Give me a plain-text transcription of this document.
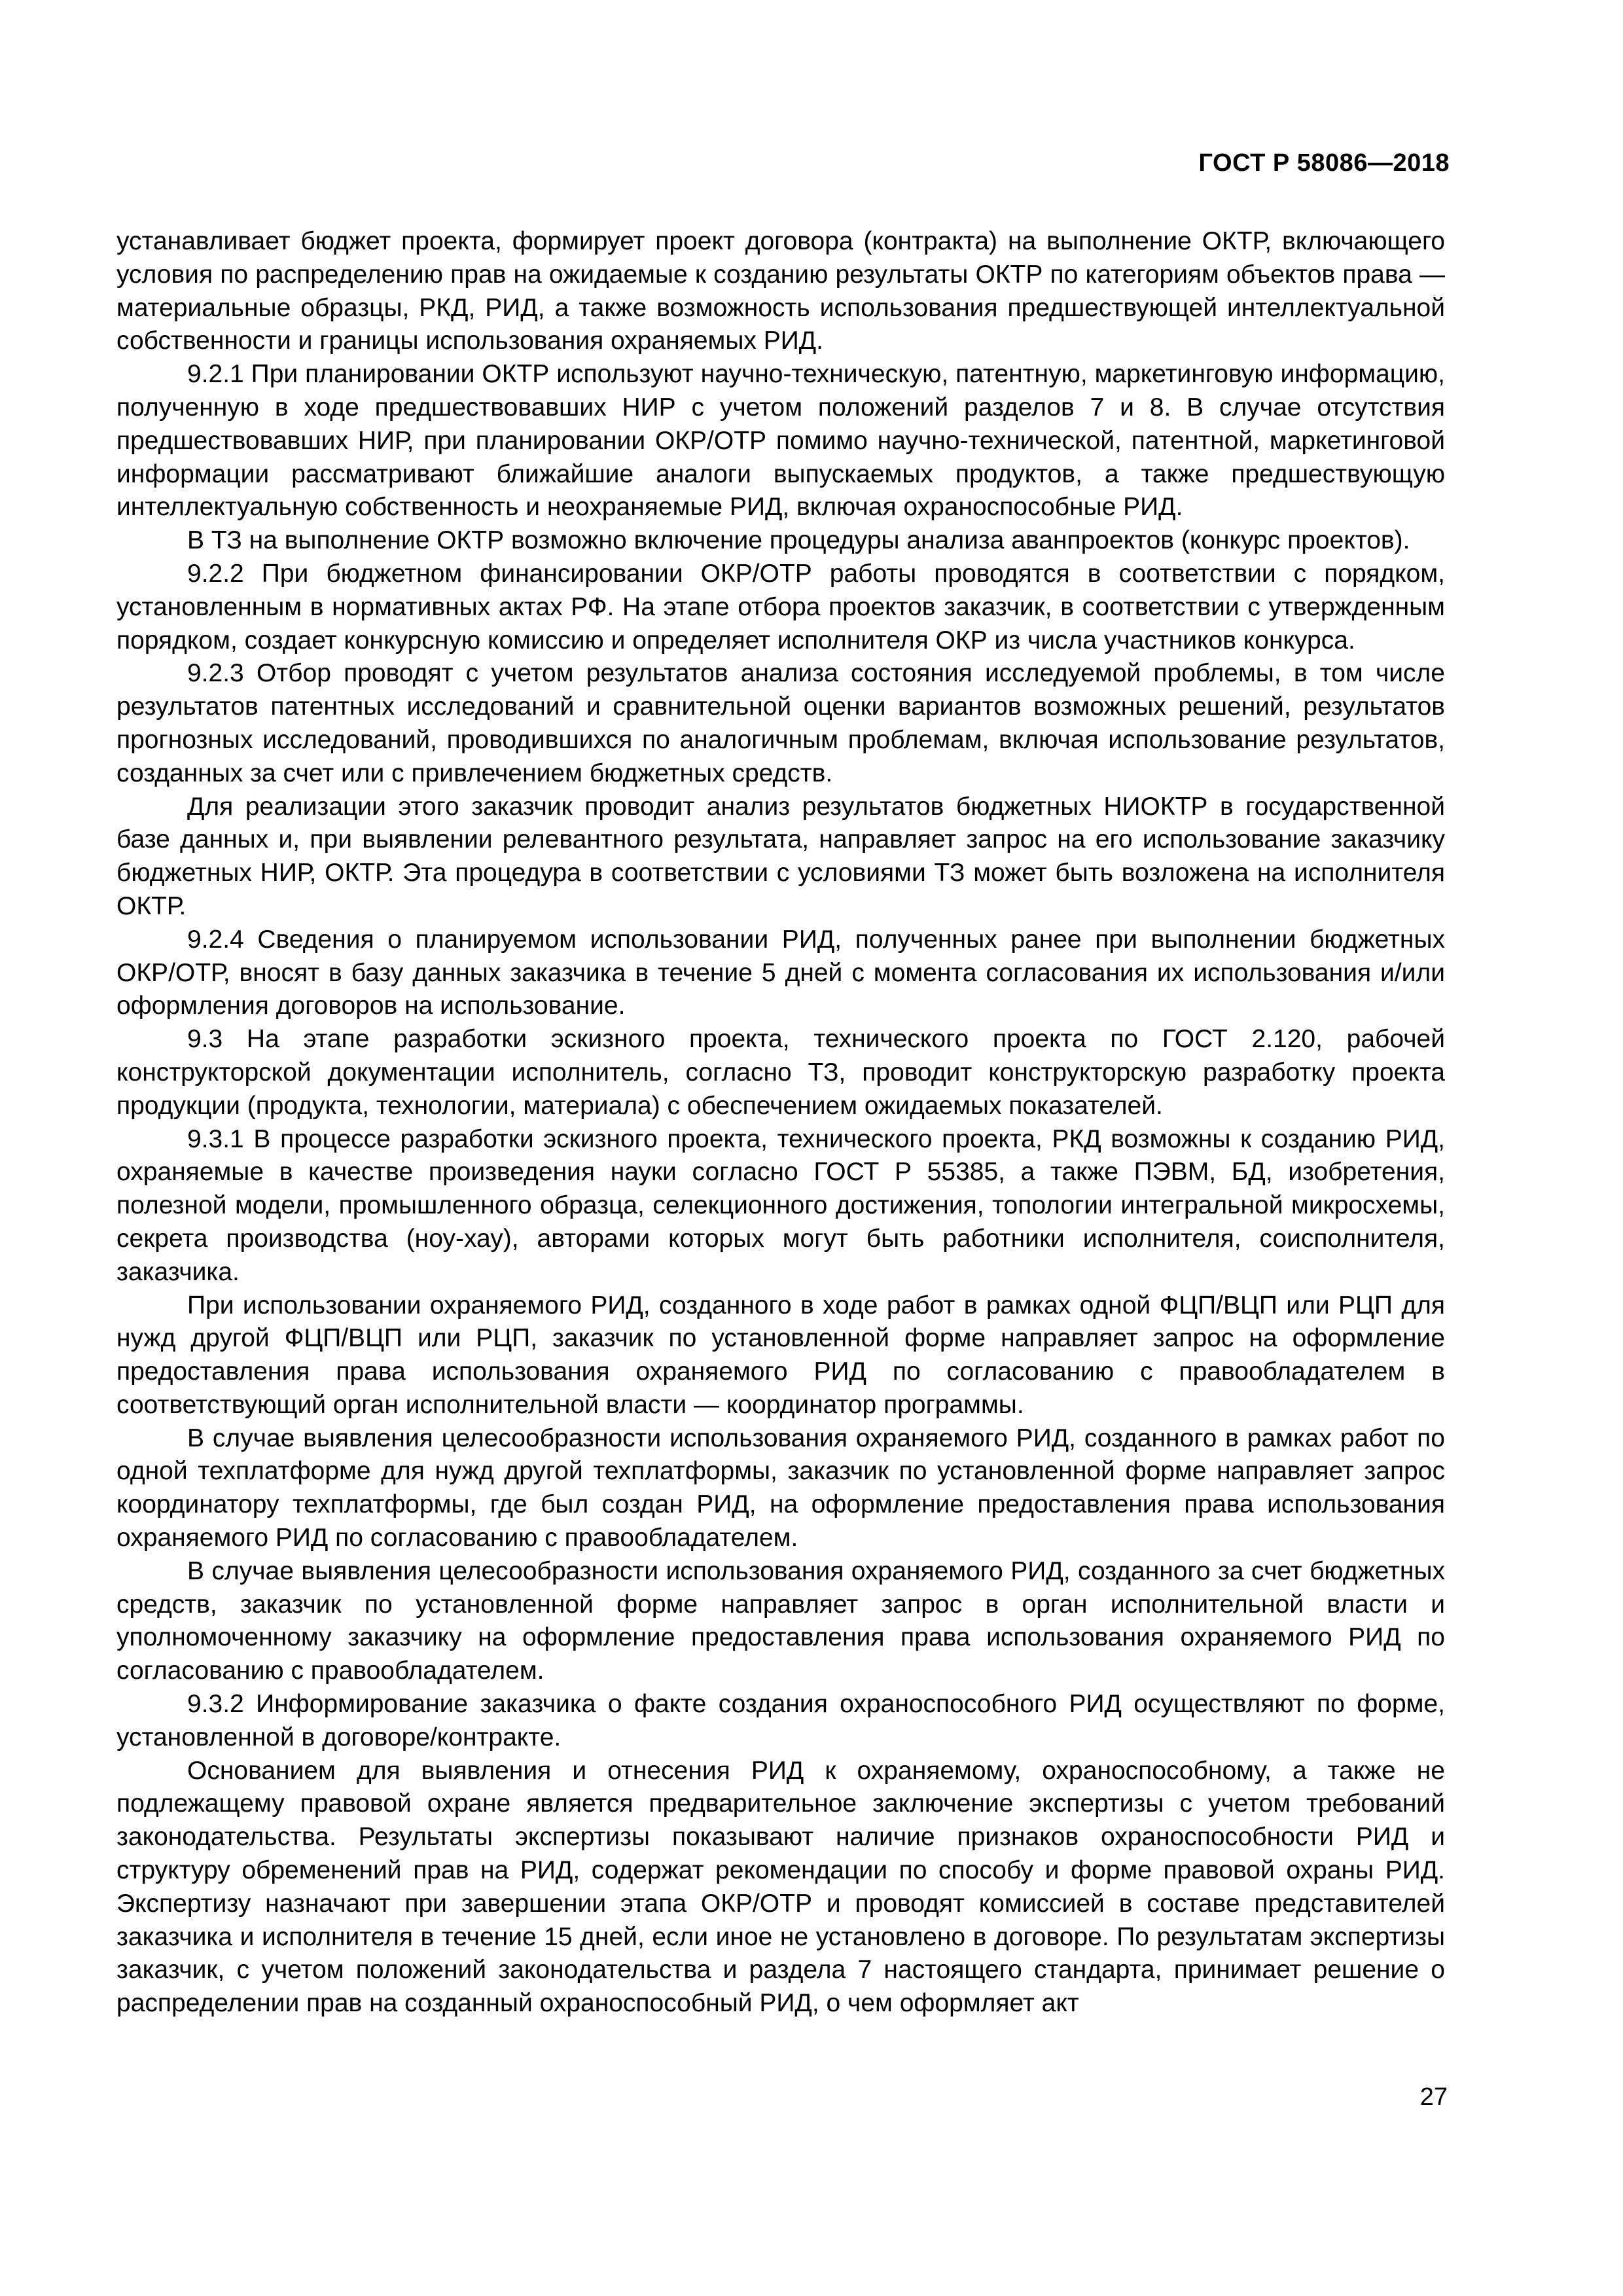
ГОСТ Р 58086—2018

устанавливает бюджет проекта, формирует проект договора (контракта) на выполнение ОКТР, включающего условия по распределению прав на ожидаемые к созданию результаты ОКТР по категориям объектов права — материальные образцы, РКД, РИД, а также возможность использования предшествующей интеллектуальной собственности и границы использования охраняемых РИД.

9.2.1 При планировании ОКТР используют научно-техническую, патентную, маркетинговую информацию, полученную в ходе предшествовавших НИР с учетом положений разделов 7 и 8. В случае отсутствия предшествовавших НИР, при планировании ОКР/ОТР помимо научно-технической, патентной, маркетинговой информации рассматривают ближайшие аналоги выпускаемых продуктов, а также предшествующую интеллектуальную собственность и неохраняемые РИД, включая охраноспособные РИД.

В ТЗ на выполнение ОКТР возможно включение процедуры анализа аванпроектов (конкурс проектов).

9.2.2 При бюджетном финансировании ОКР/ОТР работы проводятся в соответствии с порядком, установленным в нормативных актах РФ. На этапе отбора проектов заказчик, в соответствии с утвержденным порядком, создает конкурсную комиссию и определяет исполнителя ОКР из числа участников конкурса.

9.2.3 Отбор проводят с учетом результатов анализа состояния исследуемой проблемы, в том числе результатов патентных исследований и сравнительной оценки вариантов возможных решений, результатов прогнозных исследований, проводившихся по аналогичным проблемам, включая использование результатов, созданных за счет или с привлечением бюджетных средств.

Для реализации этого заказчик проводит анализ результатов бюджетных НИОКТР в государственной базе данных и, при выявлении релевантного результата, направляет запрос на его использование заказчику бюджетных НИР, ОКТР. Эта процедура в соответствии с условиями ТЗ может быть возложена на исполнителя ОКТР.

9.2.4 Сведения о планируемом использовании РИД, полученных ранее при выполнении бюджетных ОКР/ОТР, вносят в базу данных заказчика в течение 5 дней с момента согласования их использования и/или оформления договоров на использование.

9.3 На этапе разработки эскизного проекта, технического проекта по ГОСТ 2.120, рабочей конструкторской документации исполнитель, согласно ТЗ, проводит конструкторскую разработку проекта продукции (продукта, технологии, материала) с обеспечением ожидаемых показателей.

9.3.1 В процессе разработки эскизного проекта, технического проекта, РКД возможны к созданию РИД, охраняемые в качестве произведения науки согласно ГОСТ Р 55385, а также ПЭВМ, БД, изобретения, полезной модели, промышленного образца, селекционного достижения, топологии интегральной микросхемы, секрета производства (ноу-хау), авторами которых могут быть работники исполнителя, соисполнителя, заказчика.

При использовании охраняемого РИД, созданного в ходе работ в рамках одной ФЦП/ВЦП или РЦП для нужд другой ФЦП/ВЦП или РЦП, заказчик по установленной форме направляет запрос на оформление предоставления права использования охраняемого РИД по согласованию с правообладателем в соответствующий орган исполнительной власти — координатор программы.

В случае выявления целесообразности использования охраняемого РИД, созданного в рамках работ по одной техплатформе для нужд другой техплатформы, заказчик по установленной форме направляет запрос координатору техплатформы, где был создан РИД, на оформление предоставления права использования охраняемого РИД по согласованию с правообладателем.

В случае выявления целесообразности использования охраняемого РИД, созданного за счет бюджетных средств, заказчик по установленной форме направляет запрос в орган исполнительной власти и уполномоченному заказчику на оформление предоставления права использования охраняемого РИД по согласованию с правообладателем.

9.3.2 Информирование заказчика о факте создания охраноспособного РИД осуществляют по форме, установленной в договоре/контракте.

Основанием для выявления и отнесения РИД к охраняемому, охраноспособному, а также не подлежащему правовой охране является предварительное заключение экспертизы с учетом требований законодательства. Результаты экспертизы показывают наличие признаков охраноспособности РИД и структуру обременений прав на РИД, содержат рекомендации по способу и форме правовой охраны РИД. Экспертизу назначают при завершении этапа ОКР/ОТР и проводят комиссией в составе представителей заказчика и исполнителя в течение 15 дней, если иное не установлено в договоре. По результатам экспертизы заказчик, с учетом положений законодательства и раздела 7 настоящего стандарта, принимает решение о распределении прав на созданный охраноспособный РИД, о чем оформляет акт

27
